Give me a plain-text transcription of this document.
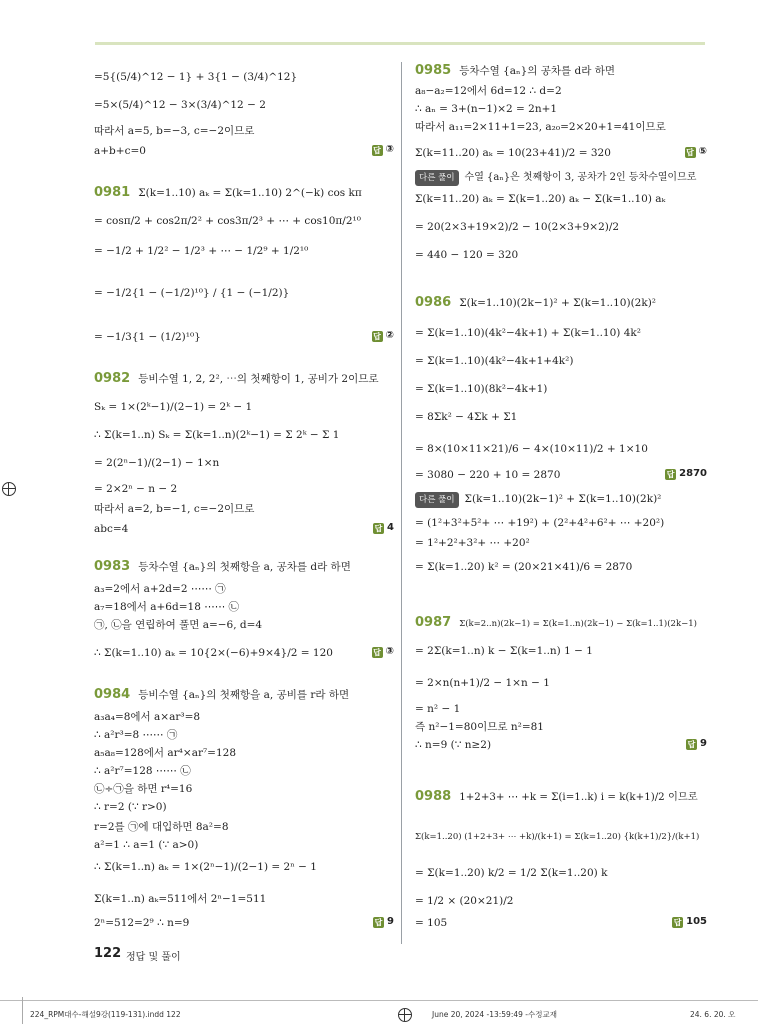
=5{(5/4)^12 − 1} + 3{1 − (3/4)^12}
=5×(5/4)^12 − 3×(3/4)^12 − 2
따라서 a=5, b=−3, c=−2이므로
a+b+c=0	답 ③
0981 Σ(k=1..10) aₖ = Σ(k=1..10) 2^(−k) cos kπ
= cosπ/2 + cos2π/2² + cos3π/2³ + ⋯ + cos10π/2¹⁰
= −1/2 + 1/2² − 1/2³ + ⋯ − 1/2⁹ + 1/2¹⁰
= −1/2{1 − (−1/2)¹⁰} / {1 − (−1/2)}
= −1/3{1 − (1/2)¹⁰}	답 ②
0982 등비수열 1, 2, 2², ⋯의 첫째항이 1, 공비가 2이므로
Sₖ = 1×(2ᵏ−1)/(2−1) = 2ᵏ − 1
∴ Σ(k=1..n) Sₖ = Σ(k=1..n)(2ᵏ−1) = Σ 2ᵏ − Σ 1
= 2(2ⁿ−1)/(2−1) − 1×n
= 2×2ⁿ − n − 2
따라서 a=2, b=−1, c=−2이므로
abc=4	답 4
0983 등차수열 {aₙ}의 첫째항을 a, 공차를 d라 하면
a₃=2에서 a+2d=2 ⋯⋯ ㉠
a₇=18에서 a+6d=18 ⋯⋯ ㉡
㉠, ㉡을 연립하여 풀면 a=−6, d=4
∴ Σ(k=1..10) aₖ = 10{2×(−6)+9×4}/2 = 120	답 ③
0984 등비수열 {aₙ}의 첫째항을 a, 공비를 r라 하면
a₃a₄=8에서 a×ar³=8
∴ a²r³=8 ⋯⋯ ㉠
a₅a₈=128에서 ar⁴×ar⁷=128
∴ a²r⁷=128 ⋯⋯ ㉡
㉡÷㉠을 하면 r⁴=16
∴ r=2 (∵ r>0)
r=2를 ㉠에 대입하면 8a²=8
a²=1 ∴ a=1 (∵ a>0)
∴ Σ(k=1..n) aₖ = 1×(2ⁿ−1)/(2−1) = 2ⁿ − 1
Σ(k=1..n) aₖ=511에서 2ⁿ−1=511
2ⁿ=512=2⁹ ∴ n=9	답 9
0985 등차수열 {aₙ}의 공차를 d라 하면
a₈−a₂=12에서 6d=12 ∴ d=2
∴ aₙ = 3+(n−1)×2 = 2n+1
따라서 a₁₁=2×11+1=23, a₂₀=2×20+1=41이므로
Σ(k=11..20) aₖ = 10(23+41)/2 = 320	답 ⑤
다른 풀이 수열 {aₙ}은 첫째항이 3, 공차가 2인 등차수열이므로
Σ(k=11..20) aₖ = Σ(k=1..20) aₖ − Σ(k=1..10) aₖ
= 20(2×3+19×2)/2 − 10(2×3+9×2)/2
= 440 − 120 = 320
0986 Σ(k=1..10)(2k−1)² + Σ(k=1..10)(2k)²
= Σ(k=1..10)(4k²−4k+1) + Σ(k=1..10) 4k²
= Σ(k=1..10)(4k²−4k+1+4k²)
= Σ(k=1..10)(8k²−4k+1)
= 8Σk² − 4Σk + Σ1
= 8×(10×11×21)/6 − 4×(10×11)/2 + 1×10
= 3080 − 220 + 10 = 2870	답 2870
다른 풀이 Σ(k=1..10)(2k−1)² + Σ(k=1..10)(2k)²
= (1²+3²+5²+ ⋯ +19²) + (2²+4²+6²+ ⋯ +20²)
= 1²+2²+3²+ ⋯ +20²
= Σ(k=1..20) k² = (20×21×41)/6 = 2870
0987 Σ(k=2..n)(2k−1) = Σ(k=1..n)(2k−1) − Σ(k=1..1)(2k−1)
= 2Σ(k=1..n) k − Σ(k=1..n) 1 − 1
= 2×n(n+1)/2 − 1×n − 1
= n² − 1
즉 n²−1=80이므로 n²=81
∴ n=9 (∵ n≥2)	답 9
0988 1+2+3+ ⋯ +k = Σ(i=1..k) i = k(k+1)/2 이므로
Σ(k=1..20) (1+2+3+ ⋯ +k)/(k+1) = Σ(k=1..20) {k(k+1)/2}/(k+1)
= Σ(k=1..20) k/2 = 1/2 Σ(k=1..20) k
= 1/2 × (20×21)/2
= 105	답 105
122 정답 및 풀이
224_RPM대수-해설9강(119-131).indd 122	June 20, 2024 -13:59:49 -수정교재	24. 6. 20. 오
